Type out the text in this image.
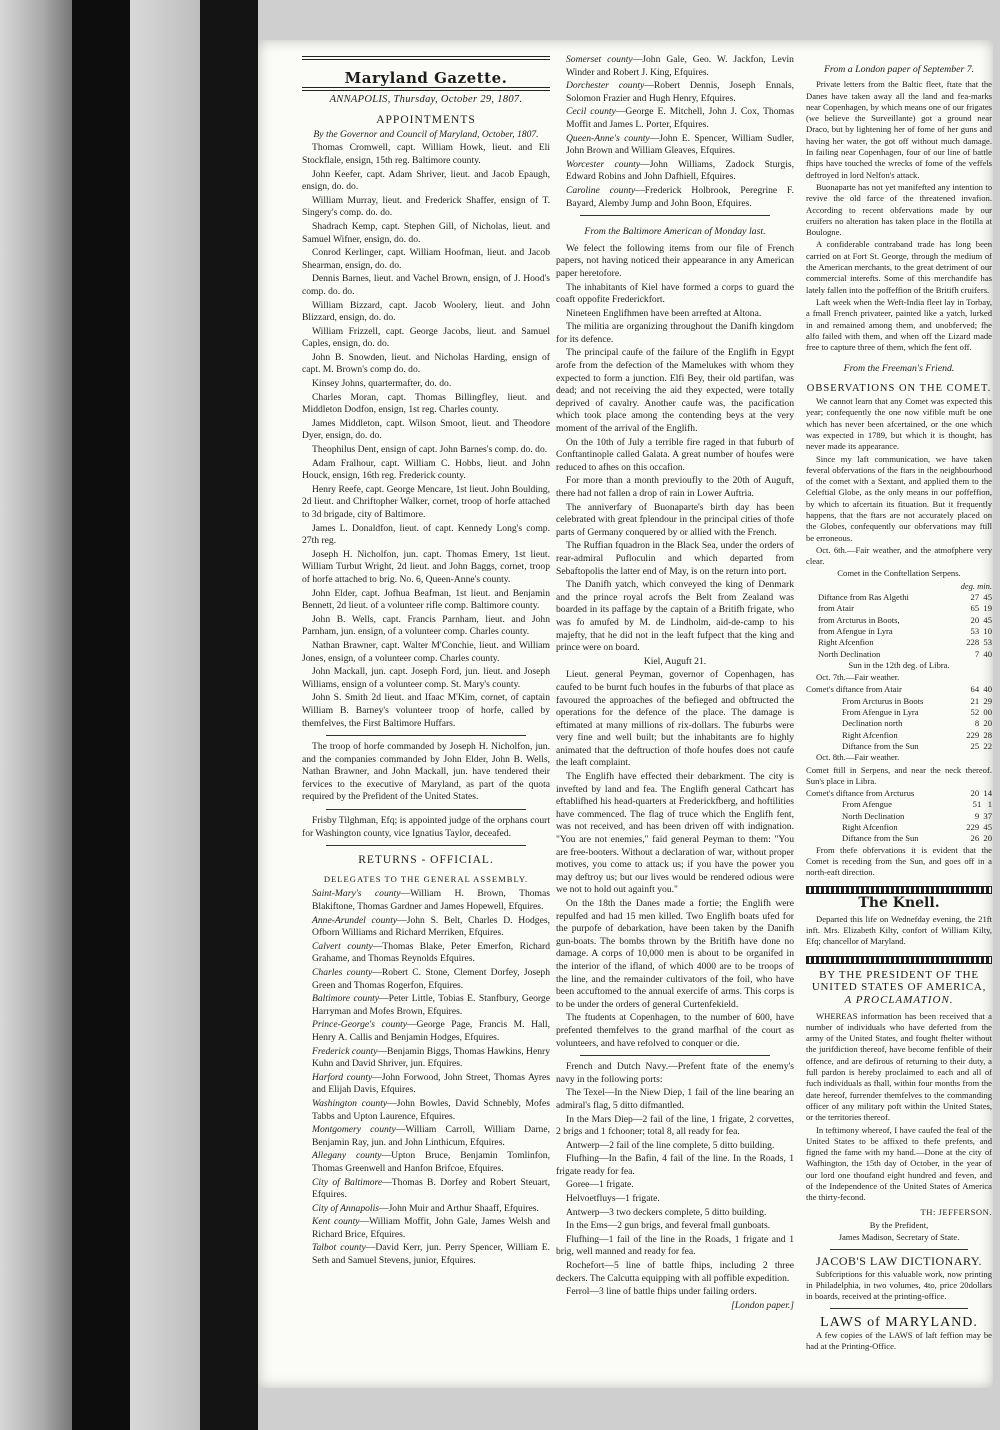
Maryland Gazette.
ANNAPOLIS, Thursday, October 29, 1807.
APPOINTMENTS

By the Governor and Council of Maryland, October, 1807.

Thomas Cromwell, capt. William Howk, lieut. and Eli Stockflale, ensign, 15th reg. Baltimore county.

John Keefer, capt. Adam Shriver, lieut. and Jacob Epaugh, ensign, do. do.

William Murray, lieut. and Frederick Shaffer, ensign of T. Singery's comp. do. do.

Shadrach Kemp, capt. Stephen Gill, of Nicholas, lieut. and Samuel Wifner, ensign, do. do.

Conrod Kerlinger, capt. William Hoofman, lieut. and Jacob Shearman, ensign, do. do.

Dennis Barnes, lieut. and Vachel Brown, ensign, of J. Hood's comp. do. do.

William Bizzard, capt. Jacob Woolery, lieut. and John Blizzard, ensign, do. do.

William Frizzell, capt. George Jacobs, lieut. and Samuel Caples, ensign, do. do.

John B. Snowden, lieut. and Nicholas Harding, ensign of capt. M. Brown's comp do. do.

Kinsey Johns, quartermafter, do. do.

Charles Moran, capt. Thomas Billingfley, lieut. and Middleton Dodfon, ensign, 1st reg. Charles county.

James Middleton, capt. Wilson Smoot, lieut. and Theodore Dyer, ensign, do. do.

Theophilus Dent, ensign of capt. John Barnes's comp. do. do.

Adam Fralhour, capt. William C. Hobbs, lieut. and John Houck, ensign, 16th reg. Frederick county.

Henry Reefe, capt. George Mencare, 1st lieut. John Boulding, 2d lieut. and Chriftopher Walker, cornet, troop of horfe attached to 3d brigade, city of Baltimore.

James L. Donaldfon, lieut. of capt. Kennedy Long's comp. 27th reg.

Joseph H. Nicholfon, jun. capt. Thomas Emery, 1st lieut. William Turbut Wright, 2d lieut. and John Baggs, cornet, troop of horfe attached to brig. No. 6, Queen-Anne's county.

John Elder, capt. Jofhua Beafman, 1st lieut. and Benjamin Bennett, 2d lieut. of a volunteer rifle comp. Baltimore county.

John B. Wells, capt. Francis Parnham, lieut. and John Parnham, jun. ensign, of a volunteer comp. Charles county.

Nathan Brawner, capt. Walter M'Conchie, lieut. and William Jones, ensign, of a volunteer comp. Charles county.

John Mackall, jun. capt. Joseph Ford, jun. lieut. and Joseph Williams, ensign of a volunteer comp. St. Mary's county.

John S. Smith 2d lieut. and Ifaac M'Kim, cornet, of captain William B. Barney's volunteer troop of horfe, called by themfelves, the First Baltimore Huffars.

The troop of horfe commanded by Joseph H. Nicholfon, jun. and the companies commanded by John Elder, John B. Wells, Nathan Brawner, and John Mackall, jun. have tendered their fervices to the executive of Maryland, as part of the quota required by the Prefident of the United States.

Frisby Tilghman, Efq; is appointed judge of the orphans court for Washington county, vice Ignatius Taylor, deceafed.

RETURNS - OFFICIAL.
DELEGATES TO THE GENERAL ASSEMBLY.

Saint-Mary's county—William H. Brown, Thomas Blakiftone, Thomas Gardner and James Hopewell, Efquires.

Anne-Arundel county—John S. Belt, Charles D. Hodges, Ofborn Williams and Richard Merriken, Efquires.

Calvert county—Thomas Blake, Peter Emerfon, Richard Grahame, and Thomas Reynolds Efquires.

Charles county—Robert C. Stone, Clement Dorfey, Joseph Green and Thomas Rogerfon, Efquires.

Baltimore county—Peter Little, Tobias E. Stanfbury, George Harryman and Mofes Brown, Efquires.

Prince-George's county—George Page, Francis M. Hall, Henry A. Callis and Benjamin Hodges, Efquires.

Frederick county—Benjamin Biggs, Thomas Hawkins, Henry Kuhn and David Shriver, jun. Efquires.

Harford county—John Forwood, John Street, Thomas Ayres and Elijah Davis, Efquires.

Washington county—John Bowles, David Schnebly, Mofes Tabbs and Upton Laurence, Efquires.

Montgomery county—William Carroll, William Darne, Benjamin Ray, jun. and John Linthicum, Efquires.

Allegany county—Upton Bruce, Benjamin Tomlinfon, Thomas Greenwell and Hanfon Brifcoe, Efquires.

City of Baltimore—Thomas B. Dorfey and Robert Steuart, Efquires.

City of Annapolis—John Muir and Arthur Shaaff, Efquires.

Kent county—William Moffit, John Gale, James Welsh and Richard Brice, Efquires.

Talbot county—David Kerr, jun. Perry Spencer, William E. Seth and Samuel Stevens, junior, Efquires.

Somerset county—John Gale, Geo. W. Jackfon, Levin Winder and Robert J. King, Efquires.

Dorchester county—Robert Dennis, Joseph Ennals, Solomon Frazier and Hugh Henry, Efquires.

Cecil county—George E. Mitchell, John J. Cox, Thomas Moffit and James L. Porter, Efquires.

Queen-Anne's county—John E. Spencer, William Sudler, John Brown and William Gleaves, Efquires.

Worcester county—John Williams, Zadock Sturgis, Edward Robins and John Dafhiell, Efquires.

Caroline county—Frederick Holbrook, Peregrine F. Bayard, Alemby Jump and John Boon, Efquires.

From the Baltimore American of Monday last.

We felect the following items from our file of French papers, not having noticed their appearance in any American paper heretofore.

The inhabitants of Kiel have formed a corps to guard the coaft oppofite Frederickfort.

Nineteen Englifhmen have been arrefted at Altona.

The militia are organizing throughout the Danifh kingdom for its defence.

The principal caufe of the failure of the Englifh in Egypt arofe from the defection of the Mamelukes with whom they expected to form a junction. Elfi Bey, their old partifan, was dead; and not receiving the aid they expected, were totally deprived of cavalry. Another caufe was, the pacification which took place among the contending beys at the very moment of the arrival of the Englifh.

On the 10th of July a terrible fire raged in that fuburb of Conftantinople called Galata. A great number of houfes were reduced to afhes on this occafion.

For more than a month previoufly to the 20th of Auguft, there had not fallen a drop of rain in Lower Auftria.

The anniverfary of Buonaparte's birth day has been celebrated with great fplendour in the principal cities of thofe parts of Germany conquered by or allied with the French.

The Ruffian fquadron in the Black Sea, under the orders of rear-admiral Pufloculin and which departed from Sebaftopolis the latter end of May, is on the return into port.

The Danifh yatch, which conveyed the king of Denmark and the prince royal acrofs the Belt from Zealand was boarded in its paffage by the captain of a Britifh frigate, who was fo amufed by M. de Lindholm, aid-de-camp to his majefty, that he did not in the leaft fufpect that the king and prince were on board.

Kiel, Auguft 21.

Lieut. general Peyman, governor of Copenhagen, has caufed to be burnt fuch houfes in the fuburbs of that place as favoured the approaches of the befieged and obftructed the operations for the defence of the place. The damage is eftimated at many millions of rix-dollars. The fuburbs were very fine and well built; but the inhabitants are fo highly animated that the deftruction of thofe houfes does not caufe the leaft complaint.

The Englifh have effected their debarkment. The city is invefted by land and fea. The Englifh general Cathcart has eftablifhed his head-quarters at Frederickfberg, and hoftilities have commenced. The flag of truce which the Englifh fent, was not received, and has been driven off with indignation. "You are not enemies," faid general Peyman to them: "You are free-booters. Without a declaration of war, without proper motives, you come to attack us; if you have the power you may deftroy us; but our lives would be rendered odious were we not to hold out againft you."

On the 18th the Danes made a fortie; the Englifh were repulfed and had 15 men killed. Two Englifh boats ufed for the purpofe of debarkation, have been taken by the Danifh gun-boats. The bombs thrown by the Britifh have done no damage. A corps of 10,000 men is about to be organifed in the interior of the ifland, of which 4000 are to be troops of the line, and the remainder cultivators of the foil, who have been accuftomed to the annual exercife of arms. This corps is to be under the orders of general Curtenfekield.

The ftudents at Copenhagen, to the number of 600, have prefented themfelves to the grand marfhal of the court as volunteers, and have refolved to conquer or die.

French and Dutch Navy.—Prefent ftate of the enemy's navy in the following ports:

The Texel—In the Niew Diep, 1 fail of the line bearing an admiral's flag, 5 ditto difmantled.

In the Mars Diep—2 fail of the line, 1 frigate, 2 corvettes, 2 brigs and 1 fchooner; total 8, all ready for fea.

Antwerp—2 fail of the line complete, 5 ditto building.

Flufhing—In the Bafin, 4 fail of the line. In the Roads, 1 frigate ready for fea.

Goree—1 frigate.

Helvoetfluys—1 frigate.

Antwerp—3 two deckers complete, 5 ditto building.

In the Ems—2 gun brigs, and feveral fmall gunboats.

Flufhing—1 fail of the line in the Roads, 1 frigate and 1 brig, well manned and ready for fea.

Rochefort—5 line of battle fhips, including 2 three deckers. The Calcutta equipping with all poffible expedition.

Ferrol—3 line of battle fhips under failing orders.

[London paper.]
From a London paper of September 7.

Private letters from the Baltic fleet, ftate that the Danes have taken away all the land and fea-marks near Copenhagen, by which means one of our frigates (we believe the Surveillante) got a ground near Draco, but by lightening her of fome of her guns and having her water, the got off without much damage. In failing near Copenhagen, four of our line of battle fhips have touched the wrecks of fome of the veffels deftroyed in lord Nelfon's attack.

Buonaparte has not yet manifefted any intention to revive the old farce of the threatened invafion. According to recent obfervations made by our cruifers no alteration has taken place in the flotilla at Boulogne.

A confiderable contraband trade has long been carried on at Fort St. George, through the medium of the American merchants, to the great detriment of our commercial interefts. Some of this merchandife has lately fallen into the poffeffion of the Britifh cruifers.

Laft week when the Weft-India fleet lay in Torbay, a fmall French privateer, painted like a yatch, lurked in and remained among them, and unobferved; fhe alfo failed with them, and when off the Lizard made free to capture three of them, which fhe fent off.

From the Freeman's Friend.
OBSERVATIONS ON THE COMET.

We cannot learn that any Comet was expected this year; confequently the one now vifible muft be one which has never been afcertained, or the one which was expected in 1789, but which it is thought, has never made its appearance.

Since my laft communication, we have taken feveral obfervations of the ftars in the neighbourhood of the comet with a Sextant, and applied them to the Celeftial Globe, as the only means in our poffeffion, by which to afcertain its fituation. But it frequently happens, that the ftars are not accurately placed on the Globes, confequently our obfervations may ftill be erroneous.

Oct. 6th.—Fair weather, and the atmofphere very clear.

Comet in the Conftellation Serpens.

deg. min.
Diftance from Ras Algethi	27  45
from Atair	65  19
from Arcturus in Boots,	20  45
from Afengue in Lyra	53  10
Right Afcenfion	228  53
North Declination	7  40

Sun in the 12th deg. of Libra.

Oct. 7th.—Fair weather.

Comet's diftance from Atair	64  40
From Arcturus in Boots	21  29
From Afengue in Lyra	52  00
Declination north	8  20
Right Afcenfion	229  28
Diftance from the Sun	25  22

Oct. 8th.—Fair weather.

Comet ftill in Serpens, and near the neck thereof. Sun's place in Libra.

Comet's diftance from Arcturus	20  14
From Afengue	51   1
North Declination	9  37
Right Afcenfion	229  45
Diftance from the Sun	26  20

From thefe obfervations it is evident that the Comet is receding from the Sun, and goes off in a north-eaft direction.

The Knell.

Departed this life on Wednefday evening, the 21ft inft. Mrs. Elizabeth Kilty, confort of William Kilty, Efq; chancellor of Maryland.

BY THE PRESIDENT OF THE
UNITED STATES OF AMERICA,
A PROCLAMATION.

WHEREAS information has been received that a number of individuals who have deferted from the army of the United States, and fought fhelter without the jurifdiction thereof, have become fenfible of their offence, and are defirous of returning to their duty, a full pardon is hereby proclaimed to each and all of fuch individuals as fhall, within four months from the date hereof, furrender themfelves to the commanding officer of any military poft within the United States, or the territories thereof.

In teftimony whereof, I have caufed the feal of the United States to be affixed to thefe prefents, and figned the fame with my hand.—Done at the city of Wafhington, the 15th day of October, in the year of our lord one thoufand eight hundred and feven, and of the Independence of the United States of America the thirty-fecond.

TH: JEFFERSON.

By the Prefident,

James Madison, Secretary of State.

JACOB'S LAW DICTIONARY.

Subfcriptions for this valuable work, now printing in Philadelphia, in two volumes, 4to, price 20dollars in boards, received at the printing-office.

LAWS of MARYLAND.

A few copies of the LAWS of laft feffion may be had at the Printing-Office.
